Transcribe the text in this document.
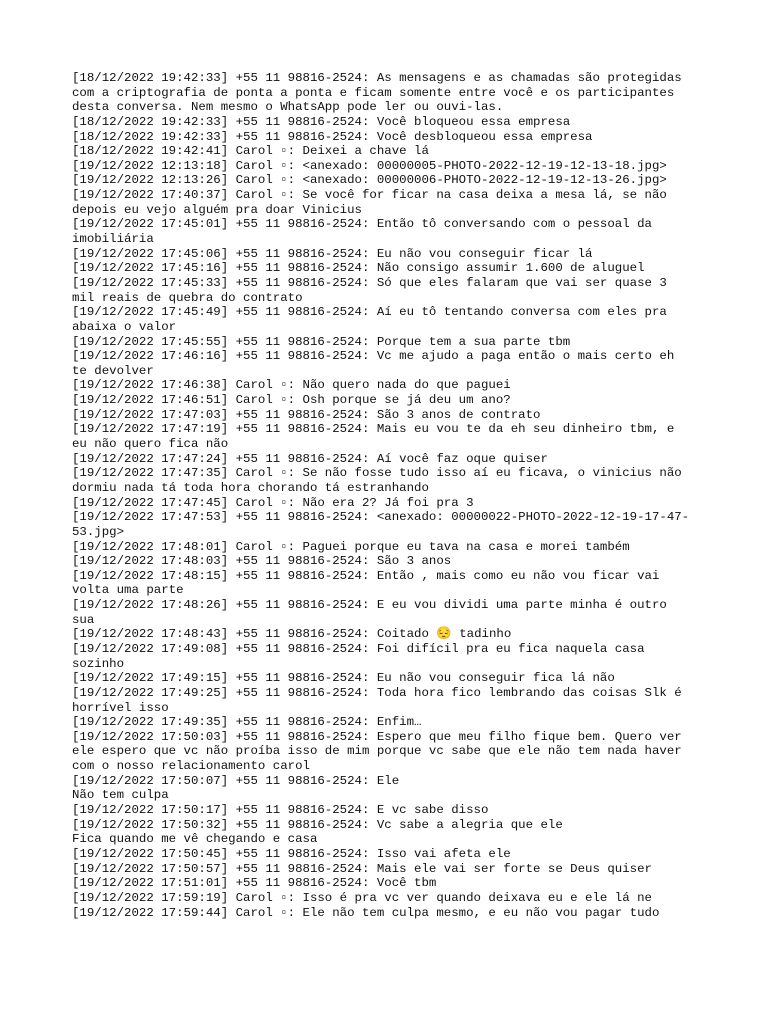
[18/12/2022 19:42:33] +55 11 98816-2524: As mensagens e as chamadas são protegidas
com a criptografia de ponta a ponta e ficam somente entre você e os participantes
desta conversa. Nem mesmo o WhatsApp pode ler ou ouvi-las.
[18/12/2022 19:42:33] +55 11 98816-2524: Você bloqueou essa empresa
[18/12/2022 19:42:33] +55 11 98816-2524: Você desbloqueou essa empresa
[18/12/2022 19:42:41] Carol ▫: Deixei a chave lá
[19/12/2022 12:13:18] Carol ▫: <anexado: 00000005-PHOTO-2022-12-19-12-13-18.jpg>
[19/12/2022 12:13:26] Carol ▫: <anexado: 00000006-PHOTO-2022-12-19-12-13-26.jpg>
[19/12/2022 17:40:37] Carol ▫: Se você for ficar na casa deixa a mesa lá, se não
depois eu vejo alguém pra doar Vinicius
[19/12/2022 17:45:01] +55 11 98816-2524: Então tô conversando com o pessoal da
imobiliária
[19/12/2022 17:45:06] +55 11 98816-2524: Eu não vou conseguir ficar lá
[19/12/2022 17:45:16] +55 11 98816-2524: Não consigo assumir 1.600 de aluguel
[19/12/2022 17:45:33] +55 11 98816-2524: Só que eles falaram que vai ser quase 3
mil reais de quebra do contrato
[19/12/2022 17:45:49] +55 11 98816-2524: Aí eu tô tentando conversa com eles pra
abaixa o valor
[19/12/2022 17:45:55] +55 11 98816-2524: Porque tem a sua parte tbm
[19/12/2022 17:46:16] +55 11 98816-2524: Vc me ajudo a paga então o mais certo eh
te devolver
[19/12/2022 17:46:38] Carol ▫: Não quero nada do que paguei
[19/12/2022 17:46:51] Carol ▫: Osh porque se já deu um ano?
[19/12/2022 17:47:03] +55 11 98816-2524: São 3 anos de contrato
[19/12/2022 17:47:19] +55 11 98816-2524: Mais eu vou te da eh seu dinheiro tbm, e
eu não quero fica não
[19/12/2022 17:47:24] +55 11 98816-2524: Aí você faz oque quiser
[19/12/2022 17:47:35] Carol ▫: Se não fosse tudo isso aí eu ficava, o vinicius não
dormiu nada tá toda hora chorando tá estranhando
[19/12/2022 17:47:45] Carol ▫: Não era 2? Já foi pra 3
[19/12/2022 17:47:53] +55 11 98816-2524: <anexado: 00000022-PHOTO-2022-12-19-17-47-
53.jpg>
[19/12/2022 17:48:01] Carol ▫: Paguei porque eu tava na casa e morei também
[19/12/2022 17:48:03] +55 11 98816-2524: São 3 anos
[19/12/2022 17:48:15] +55 11 98816-2524: Então , mais como eu não vou ficar vai
volta uma parte
[19/12/2022 17:48:26] +55 11 98816-2524: E eu vou dividi uma parte minha é outro
sua
[19/12/2022 17:48:43] +55 11 98816-2524: Coitado 😔 tadinho
[19/12/2022 17:49:08] +55 11 98816-2524: Foi difícil pra eu fica naquela casa
sozinho
[19/12/2022 17:49:15] +55 11 98816-2524: Eu não vou conseguir fica lá não
[19/12/2022 17:49:25] +55 11 98816-2524: Toda hora fico lembrando das coisas Slk é
horrível isso
[19/12/2022 17:49:35] +55 11 98816-2524: Enfim…
[19/12/2022 17:50:03] +55 11 98816-2524: Espero que meu filho fique bem. Quero ver
ele espero que vc não proíba isso de mim porque vc sabe que ele não tem nada haver
com o nosso relacionamento carol
[19/12/2022 17:50:07] +55 11 98816-2524: Ele
Não tem culpa
[19/12/2022 17:50:17] +55 11 98816-2524: E vc sabe disso
[19/12/2022 17:50:32] +55 11 98816-2524: Vc sabe a alegria que ele
Fica quando me vê chegando e casa
[19/12/2022 17:50:45] +55 11 98816-2524: Isso vai afeta ele
[19/12/2022 17:50:57] +55 11 98816-2524: Mais ele vai ser forte se Deus quiser
[19/12/2022 17:51:01] +55 11 98816-2524: Você tbm
[19/12/2022 17:59:19] Carol ▫: Isso é pra vc ver quando deixava eu e ele lá ne
[19/12/2022 17:59:44] Carol ▫: Ele não tem culpa mesmo, e eu não vou pagar tudo
